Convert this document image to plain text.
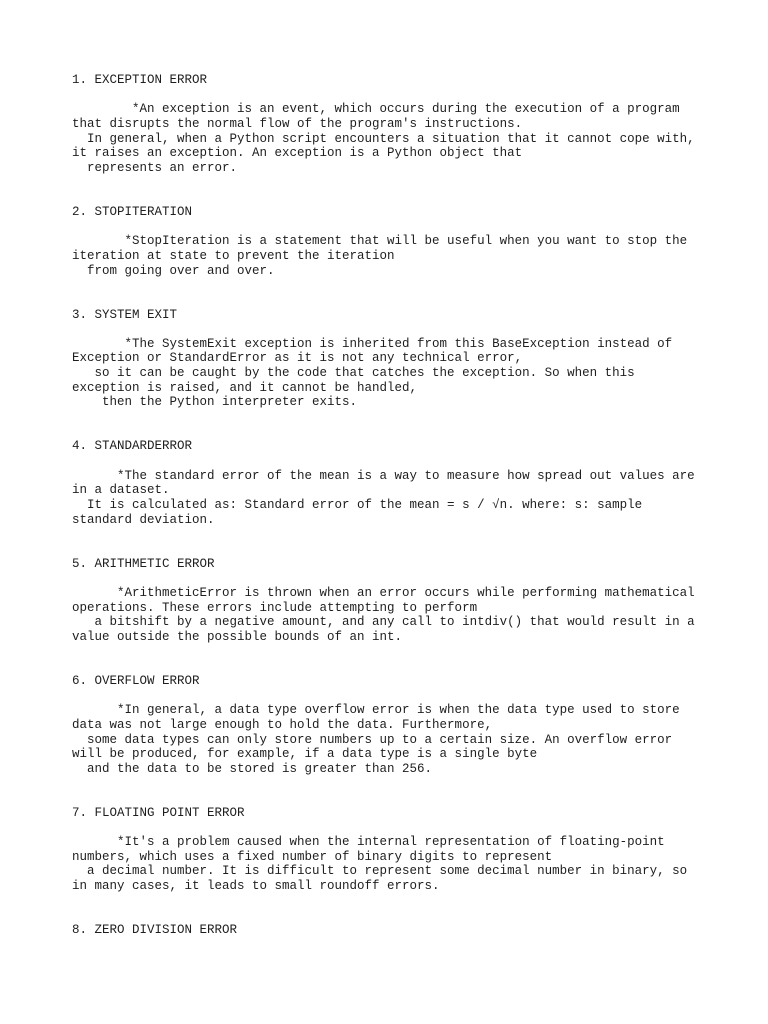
1. EXCEPTION ERROR
*An exception is an event, which occurs during the execution of a program
that disrupts the normal flow of the program's instructions.
In general, when a Python script encounters a situation that it cannot cope with,
it raises an exception. An exception is a Python object that
represents an error.
2. STOPITERATION
*StopIteration is a statement that will be useful when you want to stop the
iteration at state to prevent the iteration
from going over and over.
3. SYSTEM EXIT
*The SystemExit exception is inherited from this BaseException instead of
Exception or StandardError as it is not any technical error,
so it can be caught by the code that catches the exception. So when this
exception is raised, and it cannot be handled,
then the Python interpreter exits.
4. STANDARDERROR
*The standard error of the mean is a way to measure how spread out values are
in a dataset.
It is calculated as: Standard error of the mean = s / √n. where: s: sample
standard deviation.
5. ARITHMETIC ERROR
*ArithmeticError is thrown when an error occurs while performing mathematical
operations. These errors include attempting to perform
a bitshift by a negative amount, and any call to intdiv() that would result in a
value outside the possible bounds of an int.
6. OVERFLOW ERROR
*In general, a data type overflow error is when the data type used to store
data was not large enough to hold the data. Furthermore,
some data types can only store numbers up to a certain size. An overflow error
will be produced, for example, if a data type is a single byte
and the data to be stored is greater than 256.
7. FLOATING POINT ERROR
*It's a problem caused when the internal representation of floating-point
numbers, which uses a fixed number of binary digits to represent
a decimal number. It is difficult to represent some decimal number in binary, so
in many cases, it leads to small roundoff errors.
8. ZERO DIVISION ERROR
